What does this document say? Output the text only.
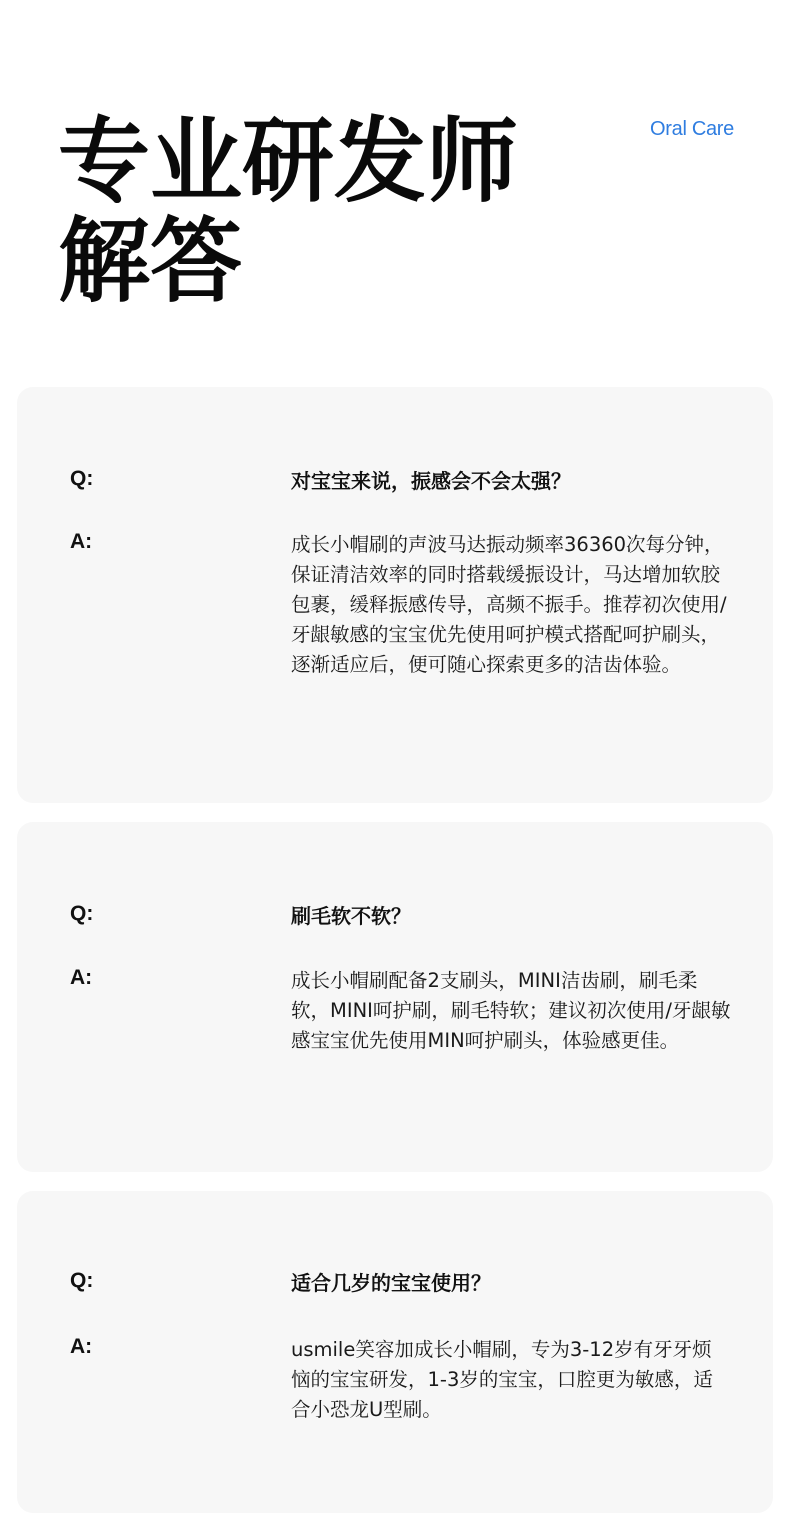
Oral Care
专业研发师
解答
Q:	对宝宝来说，振感会不会太强？
A:	成长小帽刷的声波马达振动频率36360次每分钟，保证清洁效率的同时搭载缓振设计，马达增加软胶包裹，缓释振感传导，高频不振手。推荐初次使用/牙龈敏感的宝宝优先使用呵护模式搭配呵护刷头，逐渐适应后，便可随心探索更多的洁齿体验。

Q:	刷毛软不软？
A:	成长小帽刷配备2支刷头，MINI洁齿刷，刷毛柔软，MINI呵护刷，刷毛特软；建议初次使用/牙龈敏感宝宝优先使用MIN呵护刷头，体验感更佳。

Q:	适合几岁的宝宝使用？
A:	usmile笑容加成长小帽刷，专为3-12岁有牙牙烦恼的宝宝研发，1-3岁的宝宝，口腔更为敏感，适合小恐龙U型刷。
